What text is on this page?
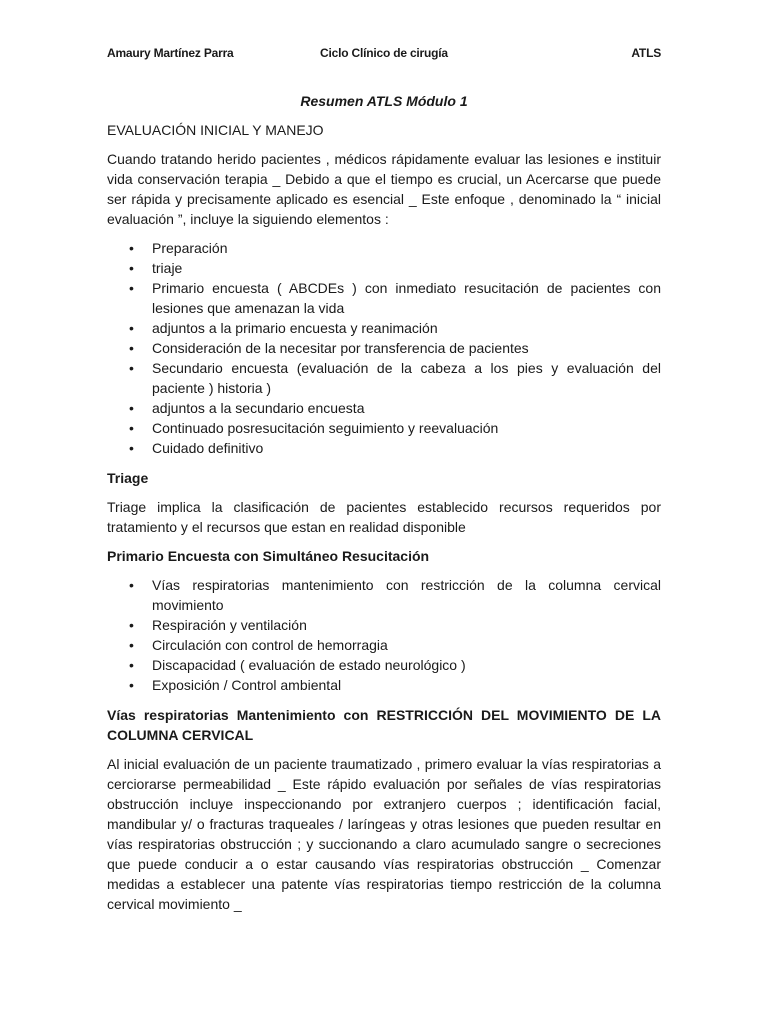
Amaury Martínez Parra	Ciclo Clínico de cirugía	ATLS
Resumen ATLS Módulo 1
EVALUACIÓN INICIAL Y MANEJO

Cuando tratando herido pacientes , médicos rápidamente evaluar las lesiones e instituir vida conservación terapia _ Debido a que el tiempo es crucial, un Acercarse que puede ser rápida y precisamente aplicado es esencial _ Este enfoque , denominado la “ inicial evaluación ”, incluye la siguiendo elementos :

• Preparación
• triaje
• Primario encuesta ( ABCDEs ) con inmediato resucitación de pacientes con lesiones que amenazan la vida
• adjuntos a la primario encuesta y reanimación
• Consideración de la necesitar por transferencia de pacientes
• Secundario encuesta (evaluación de la cabeza a los pies y evaluación del paciente ) historia )
• adjuntos a la secundario encuesta
• Continuado posresucitación seguimiento y reevaluación
• Cuidado definitivo
Triage

Triage implica la clasificación de pacientes establecido recursos requeridos por tratamiento y el recursos que estan en realidad disponible

Primario Encuesta con Simultáneo Resucitación
• Vías respiratorias mantenimiento con restricción de la columna cervical movimiento
• Respiración y ventilación
• Circulación con control de hemorragia
• Discapacidad ( evaluación de estado neurológico )
• Exposición / Control ambiental
Vías respiratorias Mantenimiento con RESTRICCIÓN DEL MOVIMIENTO DE LA COLUMNA CERVICAL

Al inicial evaluación de un paciente traumatizado , primero evaluar la vías respiratorias a cerciorarse permeabilidad _ Este rápido evaluación por señales de vías respiratorias obstrucción incluye inspeccionando por extranjero cuerpos ; identificación facial, mandibular y/ o fracturas traqueales / laríngeas y otras lesiones que pueden resultar en vías respiratorias obstrucción ; y succionando a claro acumulado sangre o secreciones que puede conducir a o estar causando vías respiratorias obstrucción _ Comenzar medidas a establecer una patente vías respiratorias tiempo restricción de la columna cervical movimiento _
